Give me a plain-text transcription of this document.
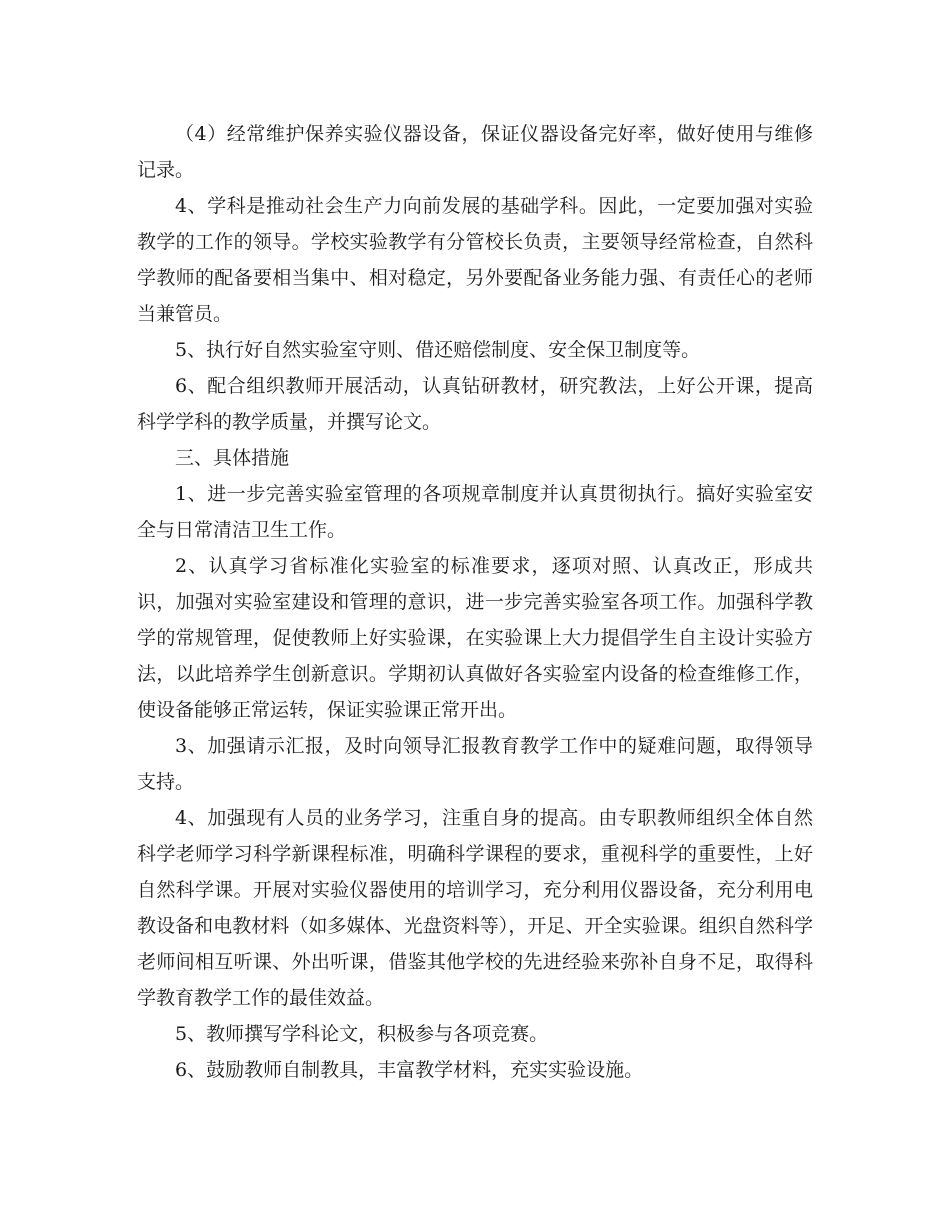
（4）经常维护保养实验仪器设备，保证仪器设备完好率，做好使用与维修记录。

4、学科是推动社会生产力向前发展的基础学科。因此，一定要加强对实验教学的工作的领导。学校实验教学有分管校长负责，主要领导经常检查，自然科学教师的配备要相当集中、相对稳定，另外要配备业务能力强、有责任心的老师当兼管员。

5、执行好自然实验室守则、借还赔偿制度、安全保卫制度等。

6、配合组织教师开展活动，认真钻研教材，研究教法，上好公开课，提高科学学科的教学质量，并撰写论文。

三、具体措施

1、进一步完善实验室管理的各项规章制度并认真贯彻执行。搞好实验室安全与日常清洁卫生工作。

2、认真学习省标准化实验室的标准要求，逐项对照、认真改正，形成共识，加强对实验室建设和管理的意识，进一步完善实验室各项工作。加强科学教学的常规管理，促使教师上好实验课，在实验课上大力提倡学生自主设计实验方法，以此培养学生创新意识。学期初认真做好各实验室内设备的检查维修工作，使设备能够正常运转，保证实验课正常开出。

3、加强请示汇报，及时向领导汇报教育教学工作中的疑难问题，取得领导支持。

4、加强现有人员的业务学习，注重自身的提高。由专职教师组织全体自然科学老师学习科学新课程标准，明确科学课程的要求，重视科学的重要性，上好自然科学课。开展对实验仪器使用的培训学习，充分利用仪器设备，充分利用电教设备和电教材料（如多媒体、光盘资料等），开足、开全实验课。组织自然科学老师间相互听课、外出听课，借鉴其他学校的先进经验来弥补自身不足，取得科学教育教学工作的最佳效益。

5、教师撰写学科论文，积极参与各项竞赛。

6、鼓励教师自制教具，丰富教学材料，充实实验设施。
